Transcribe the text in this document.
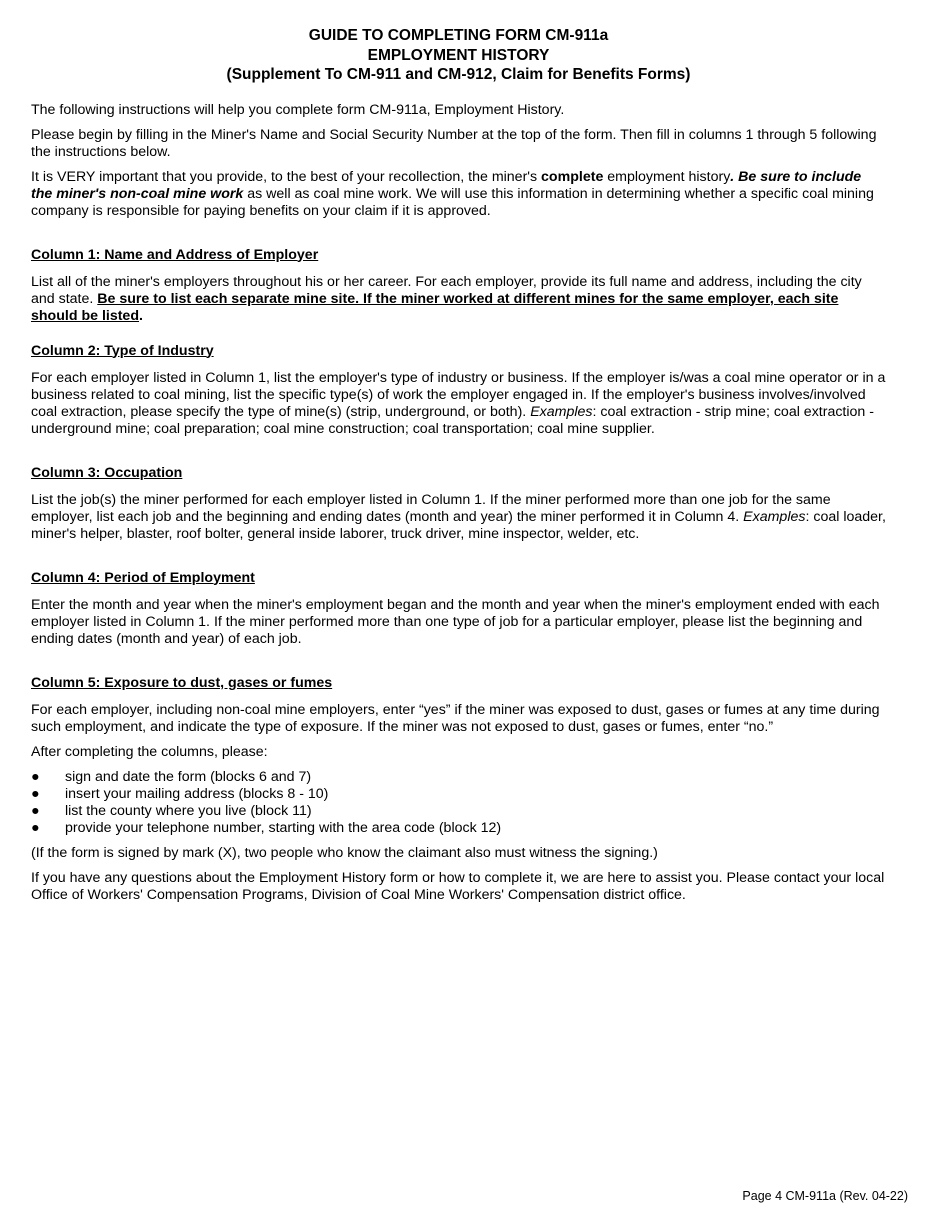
GUIDE TO COMPLETING FORM CM-911a
EMPLOYMENT HISTORY
(Supplement To CM-911 and CM-912, Claim for Benefits Forms)

The following instructions will help you complete form CM-911a, Employment History.

Please begin by filling in the Miner's Name and Social Security Number at the top of the form. Then fill in columns 1 through 5 following the instructions below.

It is VERY important that you provide, to the best of your recollection, the miner's complete employment history. Be sure to include the miner's non-coal mine work as well as coal mine work. We will use this information in determining whether a specific coal mining company is responsible for paying benefits on your claim if it is approved.

Column 1: Name and Address of Employer

List all of the miner's employers throughout his or her career. For each employer, provide its full name and address, including the city and state. Be sure to list each separate mine site. If the miner worked at different mines for the same employer, each site should be listed.

Column 2: Type of Industry

For each employer listed in Column 1, list the employer's type of industry or business. If the employer is/was a coal mine operator or in a business related to coal mining, list the specific type(s) of work the employer engaged in. If the employer's business involves/involved coal extraction, please specify the type of mine(s) (strip, underground, or both). Examples: coal extraction - strip mine; coal extraction - underground mine; coal preparation; coal mine construction; coal transportation; coal mine supplier.

Column 3: Occupation

List the job(s) the miner performed for each employer listed in Column 1. If the miner performed more than one job for the same employer, list each job and the beginning and ending dates (month and year) the miner performed it in Column 4. Examples: coal loader, miner's helper, blaster, roof bolter, general inside laborer, truck driver, mine inspector, welder, etc.

Column 4: Period of Employment

Enter the month and year when the miner's employment began and the month and year when the miner's employment ended with each employer listed in Column 1. If the miner performed more than one type of job for a particular employer, please list the beginning and ending dates (month and year) of each job.

Column 5: Exposure to dust, gases or fumes

For each employer, including non-coal mine employers, enter “yes” if the miner was exposed to dust, gases or fumes at any time during such employment, and indicate the type of exposure. If the miner was not exposed to dust, gases or fumes, enter “no.”

After completing the columns, please:

● sign and date the form (blocks 6 and 7)
● insert your mailing address (blocks 8 - 10)
● list the county where you live (block 11)
● provide your telephone number, starting with the area code (block 12)

(If the form is signed by mark (X), two people who know the claimant also must witness the signing.)

If you have any questions about the Employment History form or how to complete it, we are here to assist you. Please contact your local Office of Workers' Compensation Programs, Division of Coal Mine Workers' Compensation district office.

Page 4 CM-911a (Rev. 04-22)
